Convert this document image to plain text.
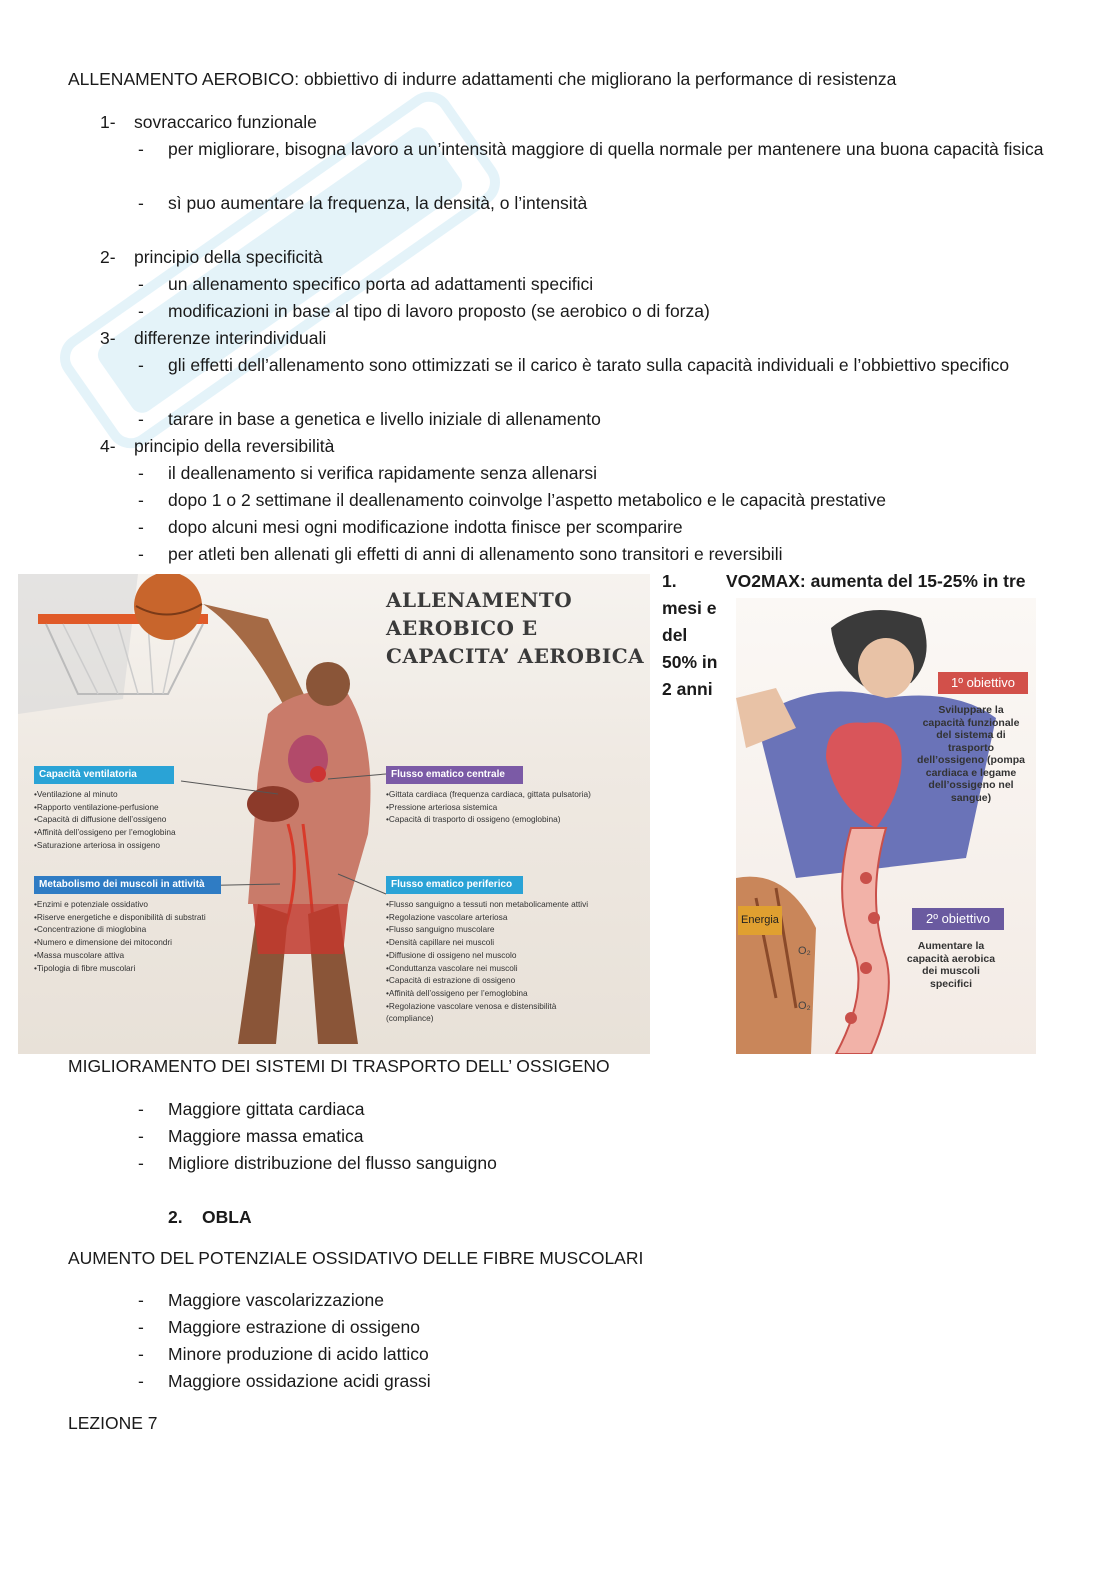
ALLENAMENTO AEROBICO: obbiettivo di indurre adattamenti che migliorano la performance di resistenza
1-	sovraccarico funzionale
-	per migliorare, bisogna lavoro a un’intensità maggiore di quella normale per mantenere una buona capacità fisica
-	sì puo aumentare la frequenza, la densità, o l’intensità
2-	principio della specificità
-	un allenamento specifico porta ad adattamenti specifici
-	modificazioni in base al tipo di lavoro proposto (se aerobico o di forza)
3-	differenze interindividuali
-	gli effetti dell’allenamento sono ottimizzati se il carico è tarato sulla capacità individuali e l’obbiettivo specifico
-	tarare in base a genetica e livello iniziale di allenamento
4-	principio della reversibilità
-	il deallenamento si verifica rapidamente senza allenarsi
-	dopo 1 o 2 settimane il deallenamento coinvolge l’aspetto metabolico e le capacità prestative
-	dopo alcuni mesi ogni modificazione indotta finisce per scomparire
-	per atleti ben allenati gli effetti di anni di allenamento sono transitori e reversibili
ALLENAMENTO
AEROBICO E
CAPACITA’ AEROBICA
Capacità ventilatoria
• Ventilazione al minuto
• Rapporto ventilazione-perfusione
• Capacità di diffusione dell’ossigeno
• Affinità dell’ossigeno per l’emoglobina
• Saturazione arteriosa in ossigeno
Metabolismo dei muscoli in attività
• Enzimi e potenziale ossidativo
• Riserve energetiche e disponibilità di substrati
• Concentrazione di mioglobina
• Numero e dimensione dei mitocondri
• Massa muscolare attiva
• Tipologia di fibre muscolari
Flusso ematico centrale
• Gittata cardiaca (frequenza cardiaca, gittata pulsatoria)
• Pressione arteriosa sistemica
• Capacità di trasporto di ossigeno (emoglobina)
Flusso ematico periferico
• Flusso sanguigno a tessuti non metabolicamente attivi
• Regolazione vascolare arteriosa
• Flusso sanguigno muscolare
• Densità capillare nei muscoli
• Diffusione di ossigeno nel muscolo
• Conduttanza vascolare nei muscoli
• Capacità di estrazione di ossigeno
• Affinità dell’ossigeno per l’emoglobina
• Regolazione vascolare venosa e distensibilità (compliance)
1.	VO2MAX: aumenta del 15-25% in tre
mesi e
del
50% in
2 anni
Energia
O₂
O₂
1º obiettivo
Sviluppare la
capacità funzionale
del sistema di
trasporto
dell’ossigeno (pompa
cardiaca e legame
dell’ossigeno nel
sangue)
2º obiettivo
Aumentare la
capacità aerobica
dei muscoli
specifici
MIGLIORAMENTO DEI SISTEMI DI TRASPORTO DELL’ OSSIGENO
-	Maggiore gittata cardiaca
-	Maggiore massa ematica
-	Migliore distribuzione del flusso sanguigno
2.	OBLA
AUMENTO DEL POTENZIALE OSSIDATIVO DELLE FIBRE MUSCOLARI
-	Maggiore vascolarizzazione
-	Maggiore estrazione di ossigeno
-	Minore produzione di acido lattico
-	Maggiore ossidazione acidi grassi
LEZIONE 7
